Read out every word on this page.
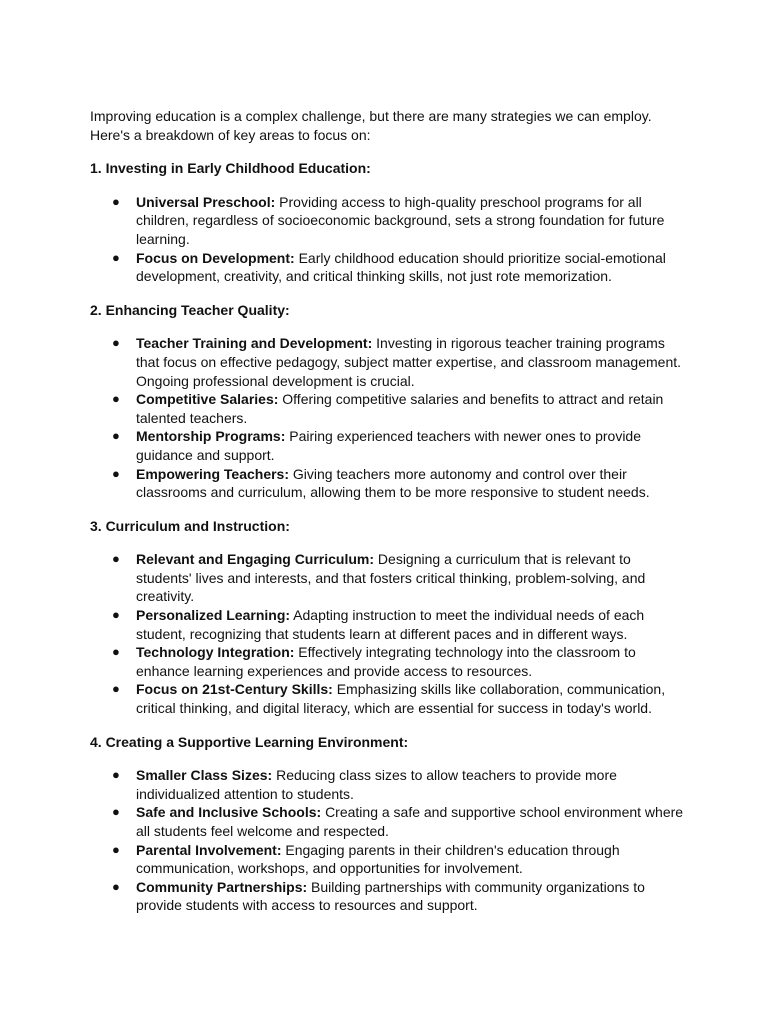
Improving education is a complex challenge, but there are many strategies we can employ. Here's a breakdown of key areas to focus on:

1. Investing in Early Childhood Education:

● Universal Preschool: Providing access to high-quality preschool programs for all children, regardless of socioeconomic background, sets a strong foundation for future learning.
● Focus on Development: Early childhood education should prioritize social-emotional development, creativity, and critical thinking skills, not just rote memorization.

2. Enhancing Teacher Quality:

● Teacher Training and Development: Investing in rigorous teacher training programs that focus on effective pedagogy, subject matter expertise, and classroom management. Ongoing professional development is crucial.
● Competitive Salaries: Offering competitive salaries and benefits to attract and retain talented teachers.
● Mentorship Programs: Pairing experienced teachers with newer ones to provide guidance and support.
● Empowering Teachers: Giving teachers more autonomy and control over their classrooms and curriculum, allowing them to be more responsive to student needs.

3. Curriculum and Instruction:

● Relevant and Engaging Curriculum: Designing a curriculum that is relevant to students' lives and interests, and that fosters critical thinking, problem-solving, and creativity.
● Personalized Learning: Adapting instruction to meet the individual needs of each student, recognizing that students learn at different paces and in different ways.
● Technology Integration: Effectively integrating technology into the classroom to enhance learning experiences and provide access to resources.
● Focus on 21st-Century Skills: Emphasizing skills like collaboration, communication, critical thinking, and digital literacy, which are essential for success in today's world.

4. Creating a Supportive Learning Environment:

● Smaller Class Sizes: Reducing class sizes to allow teachers to provide more individualized attention to students.
● Safe and Inclusive Schools: Creating a safe and supportive school environment where all students feel welcome and respected.
● Parental Involvement: Engaging parents in their children's education through communication, workshops, and opportunities for involvement.
● Community Partnerships: Building partnerships with community organizations to provide students with access to resources and support.
